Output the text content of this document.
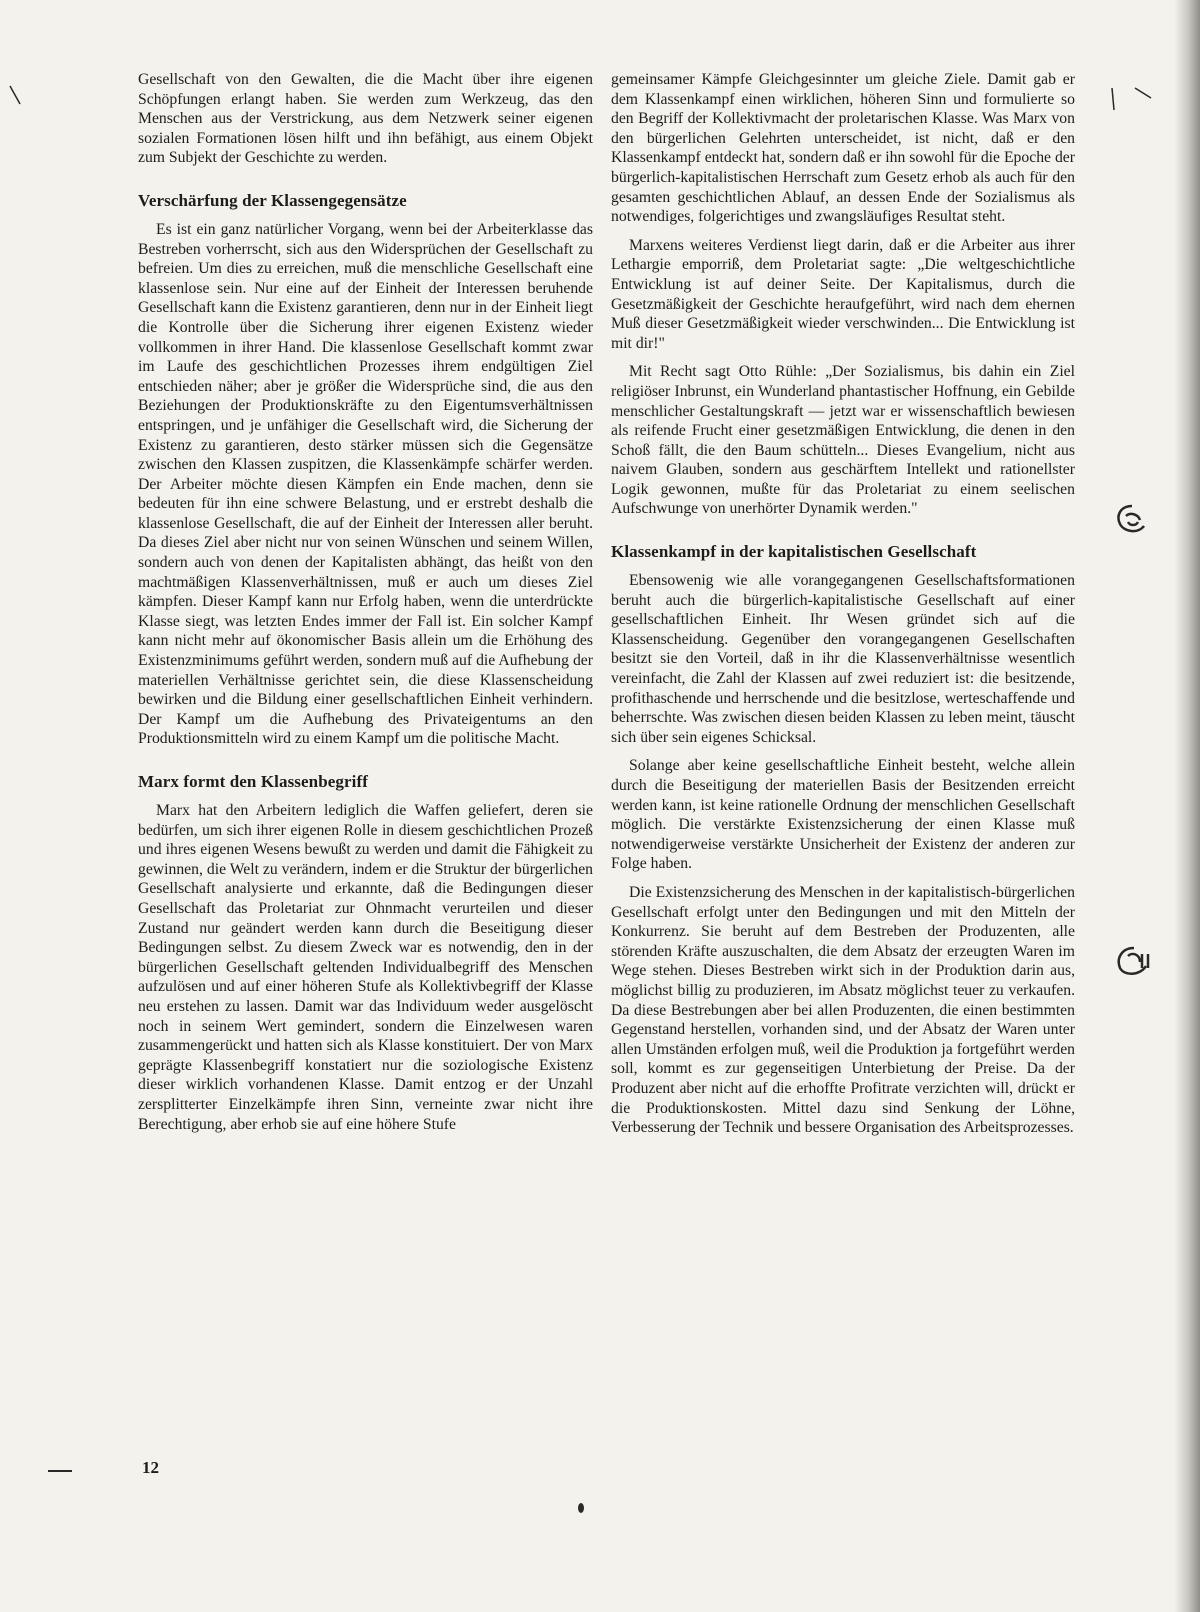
Gesellschaft von den Gewalten, die die Macht über ihre eigenen Schöpfungen erlangt haben. Sie werden zum Werkzeug, das den Menschen aus der Verstrickung, aus dem Netzwerk seiner eigenen sozialen Formationen lösen hilft und ihn befähigt, aus einem Objekt zum Subjekt der Geschichte zu werden.

Verschärfung der Klassengegensätze

Es ist ein ganz natürlicher Vorgang, wenn bei der Arbeiterklasse das Bestreben vorherrscht, sich aus den Widersprüchen der Gesellschaft zu befreien. Um dies zu erreichen, muß die menschliche Gesellschaft eine klassenlose sein. Nur eine auf der Einheit der Interessen beruhende Gesellschaft kann die Existenz garantieren, denn nur in der Einheit liegt die Kontrolle über die Sicherung ihrer eigenen Existenz wieder vollkommen in ihrer Hand. Die klassenlose Gesellschaft kommt zwar im Laufe des geschichtlichen Prozesses ihrem endgültigen Ziel entschieden näher; aber je größer die Widersprüche sind, die aus den Beziehungen der Produktionskräfte zu den Eigentumsverhältnissen entspringen, und je unfähiger die Gesellschaft wird, die Sicherung der Existenz zu garantieren, desto stärker müssen sich die Gegensätze zwischen den Klassen zuspitzen, die Klassenkämpfe schärfer werden. Der Arbeiter möchte diesen Kämpfen ein Ende machen, denn sie bedeuten für ihn eine schwere Belastung, und er erstrebt deshalb die klassenlose Gesellschaft, die auf der Einheit der Interessen aller beruht. Da dieses Ziel aber nicht nur von seinen Wünschen und seinem Willen, sondern auch von denen der Kapitalisten abhängt, das heißt von den machtmäßigen Klassenverhältnissen, muß er auch um dieses Ziel kämpfen. Dieser Kampf kann nur Erfolg haben, wenn die unterdrückte Klasse siegt, was letzten Endes immer der Fall ist. Ein solcher Kampf kann nicht mehr auf ökonomischer Basis allein um die Erhöhung des Existenzminimums geführt werden, sondern muß auf die Aufhebung der materiellen Verhältnisse gerichtet sein, die diese Klassenscheidung bewirken und die Bildung einer gesellschaftlichen Einheit verhindern. Der Kampf um die Aufhebung des Privateigentums an den Produktionsmitteln wird zu einem Kampf um die politische Macht.

Marx formt den Klassenbegriff

Marx hat den Arbeitern lediglich die Waffen geliefert, deren sie bedürfen, um sich ihrer eigenen Rolle in diesem geschichtlichen Prozeß und ihres eigenen Wesens bewußt zu werden und damit die Fähigkeit zu gewinnen, die Welt zu verändern, indem er die Struktur der bürgerlichen Gesellschaft analysierte und erkannte, daß die Bedingungen dieser Gesellschaft das Proletariat zur Ohnmacht verurteilen und dieser Zustand nur geändert werden kann durch die Beseitigung dieser Bedingungen selbst. Zu diesem Zweck war es notwendig, den in der bürgerlichen Gesellschaft geltenden Individualbegriff des Menschen aufzulösen und auf einer höheren Stufe als Kollektivbegriff der Klasse neu erstehen zu lassen. Damit war das Individuum weder ausgelöscht noch in seinem Wert gemindert, sondern die Einzelwesen waren zusammengerückt und hatten sich als Klasse konstituiert. Der von Marx geprägte Klassenbegriff konstatiert nur die soziologische Existenz dieser wirklich vorhandenen Klasse. Damit entzog er der Unzahl zersplitterter Einzelkämpfe ihren Sinn, verneinte zwar nicht ihre Berechtigung, aber erhob sie auf eine höhere Stufe

gemeinsamer Kämpfe Gleichgesinnter um gleiche Ziele. Damit gab er dem Klassenkampf einen wirklichen, höheren Sinn und formulierte so den Begriff der Kollektivmacht der proletarischen Klasse. Was Marx von den bürgerlichen Gelehrten unterscheidet, ist nicht, daß er den Klassenkampf entdeckt hat, sondern daß er ihn sowohl für die Epoche der bürgerlich-kapitalistischen Herrschaft zum Gesetz erhob als auch für den gesamten geschichtlichen Ablauf, an dessen Ende der Sozialismus als notwendiges, folgerichtiges und zwangsläufiges Resultat steht.

Marxens weiteres Verdienst liegt darin, daß er die Arbeiter aus ihrer Lethargie emporriß, dem Proletariat sagte: „Die weltgeschichtliche Entwicklung ist auf deiner Seite. Der Kapitalismus, durch die Gesetzmäßigkeit der Geschichte heraufgeführt, wird nach dem ehernen Muß dieser Gesetzmäßigkeit wieder verschwinden... Die Entwicklung ist mit dir!"

Mit Recht sagt Otto Rühle: „Der Sozialismus, bis dahin ein Ziel religiöser Inbrunst, ein Wunderland phantastischer Hoffnung, ein Gebilde menschlicher Gestaltungskraft — jetzt war er wissenschaftlich bewiesen als reifende Frucht einer gesetzmäßigen Entwicklung, die denen in den Schoß fällt, die den Baum schütteln... Dieses Evangelium, nicht aus naivem Glauben, sondern aus geschärftem Intellekt und rationellster Logik gewonnen, mußte für das Proletariat zu einem seelischen Aufschwunge von unerhörter Dynamik werden."

Klassenkampf in der kapitalistischen Gesellschaft

Ebensowenig wie alle vorangegangenen Gesellschaftsformationen beruht auch die bürgerlich-kapitalistische Gesellschaft auf einer gesellschaftlichen Einheit. Ihr Wesen gründet sich auf die Klassenscheidung. Gegenüber den vorangegangenen Gesellschaften besitzt sie den Vorteil, daß in ihr die Klassenverhältnisse wesentlich vereinfacht, die Zahl der Klassen auf zwei reduziert ist: die besitzende, profithaschende und herrschende und die besitzlose, werteschaffende und beherrschte. Was zwischen diesen beiden Klassen zu leben meint, täuscht sich über sein eigenes Schicksal.

Solange aber keine gesellschaftliche Einheit besteht, welche allein durch die Beseitigung der materiellen Basis der Besitzenden erreicht werden kann, ist keine rationelle Ordnung der menschlichen Gesellschaft möglich. Die verstärkte Existenzsicherung der einen Klasse muß notwendigerweise verstärkte Unsicherheit der Existenz der anderen zur Folge haben.

Die Existenzsicherung des Menschen in der kapitalistisch-bürgerlichen Gesellschaft erfolgt unter den Bedingungen und mit den Mitteln der Konkurrenz. Sie beruht auf dem Bestreben der Produzenten, alle störenden Kräfte auszuschalten, die dem Absatz der erzeugten Waren im Wege stehen. Dieses Bestreben wirkt sich in der Produktion darin aus, möglichst billig zu produzieren, im Absatz möglichst teuer zu verkaufen. Da diese Bestrebungen aber bei allen Produzenten, die einen bestimmten Gegenstand herstellen, vorhanden sind, und der Absatz der Waren unter allen Umständen erfolgen muß, weil die Produktion ja fortgeführt werden soll, kommt es zur gegenseitigen Unterbietung der Preise. Da der Produzent aber nicht auf die erhoffte Profitrate verzichten will, drückt er die Produktionskosten. Mittel dazu sind Senkung der Löhne, Verbesserung der Technik und bessere Organisation des Arbeitsprozesses.

12
